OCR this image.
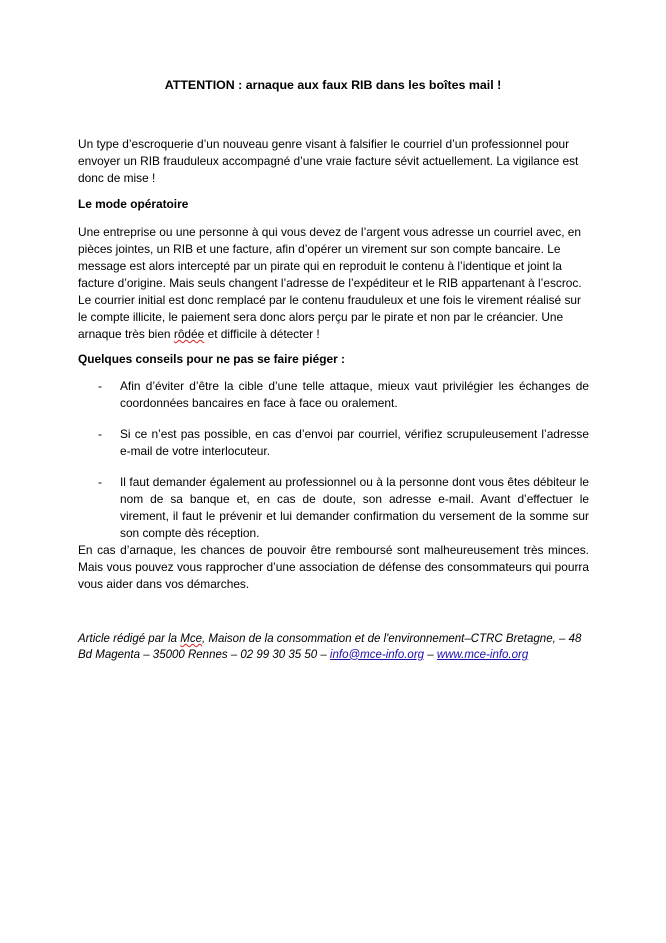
ATTENTION : arnaque aux faux RIB dans les boîtes mail !
Un type d’escroquerie d’un nouveau genre visant à falsifier le courriel d’un professionnel pour envoyer un RIB frauduleux accompagné d’une vraie facture sévit actuellement. La vigilance est donc de mise !
Le mode opératoire
Une entreprise ou une personne à qui vous devez de l’argent vous adresse un courriel avec, en pièces jointes, un RIB et une facture, afin d’opérer un virement sur son compte bancaire. Le message est alors intercepté par un pirate qui en reproduit le contenu à l’identique et joint la facture d’origine. Mais seuls changent l’adresse de l’expéditeur et le RIB appartenant à l’escroc. Le courrier initial est donc remplacé par le contenu frauduleux et une fois le virement réalisé sur le compte illicite, le paiement sera donc alors perçu par le pirate et non par le créancier. Une arnaque très bien rôdée et difficile à détecter !
Quelques conseils pour ne pas se faire piéger :
- Afin d’éviter d’être la cible d’une telle attaque, mieux vaut privilégier les échanges de coordonnées bancaires en face à face ou oralement.
- Si ce n’est pas possible, en cas d’envoi par courriel, vérifiez scrupuleusement l’adresse e-mail de votre interlocuteur.
- Il faut demander également au professionnel ou à la personne dont vous êtes débiteur le nom de sa banque et, en cas de doute, son adresse e-mail. Avant d’effectuer le virement, il faut le prévenir et lui demander confirmation du versement de la somme sur son compte dès réception.
En cas d’arnaque, les chances de pouvoir être remboursé sont malheureusement très minces. Mais vous pouvez vous rapprocher d’une association de défense des consommateurs qui pourra vous aider dans vos démarches.
Article rédigé par la Mce, Maison de la consommation et de l'environnement–CTRC Bretagne, – 48 Bd Magenta – 35000 Rennes – 02 99 30 35 50 – info@mce-info.org – www.mce-info.org
